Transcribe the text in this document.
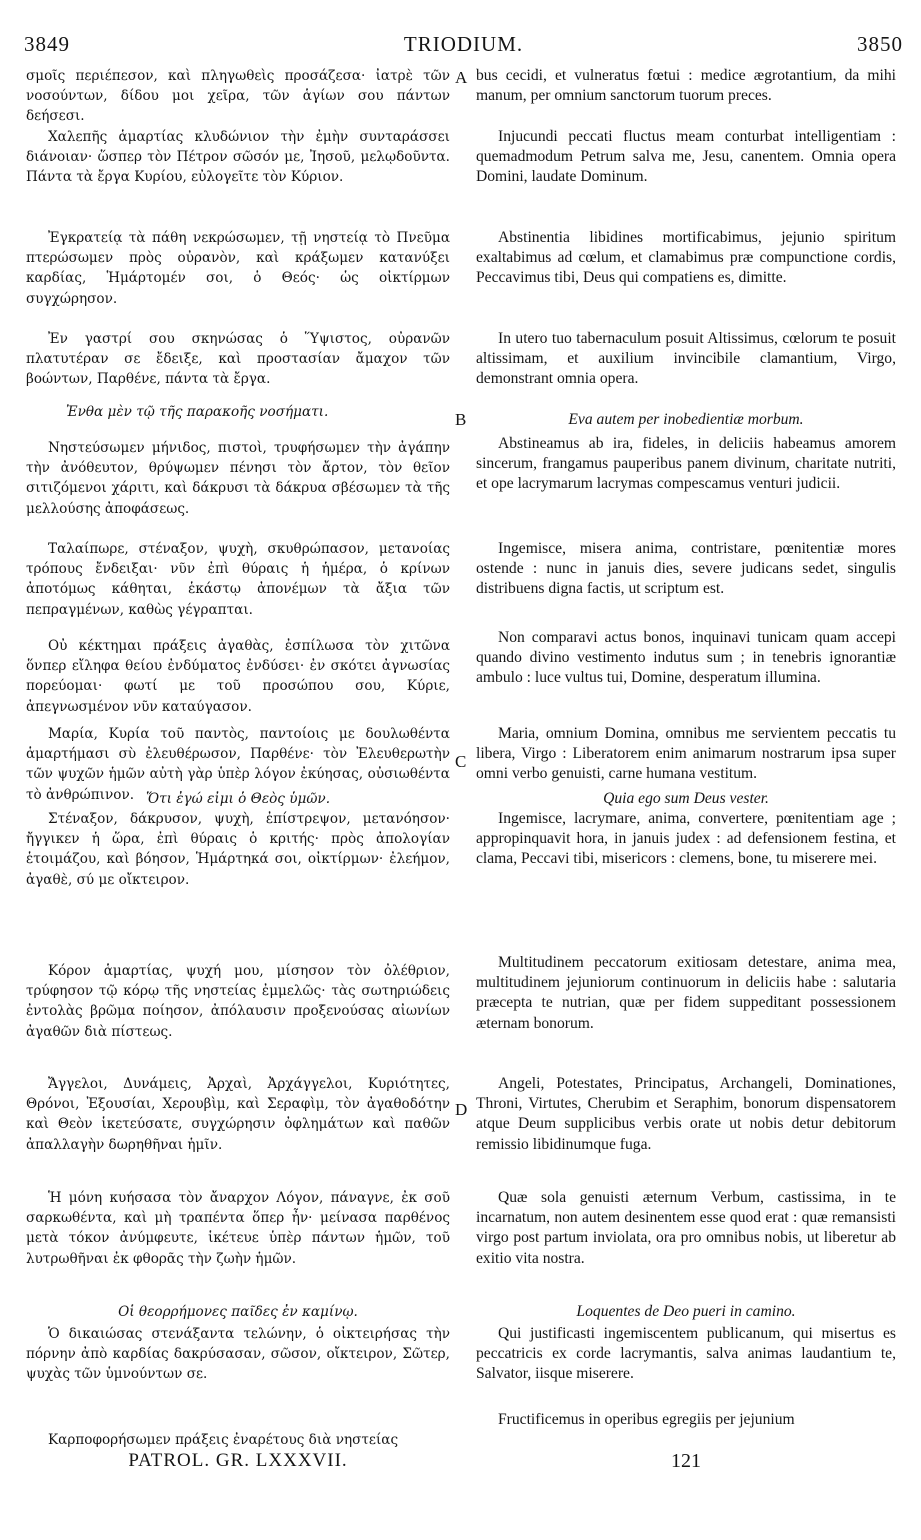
3849	TRIODIUM.	3850
A
B
C
D

σμοῖς περιέπεσον, καὶ πληγωθεὶς προσάζεσα· ἰατρὲ τῶν νοσούντων, δίδου μοι χεῖρα, τῶν ἁγίων σου πάντων δεήσεσι.

Χαλεπῆς ἁμαρτίας κλυδώνιον τὴν ἐμὴν συνταράσσει διάνοιαν· ὥσπερ τὸν Πέτρον σῶσόν με, Ἰησοῦ, μελῳδοῦντα. Πάντα τὰ ἔργα Κυρίου, εὐλογεῖτε τὸν Κύριον.

Ἐγκρατείᾳ τὰ πάθη νεκρώσωμεν, τῇ νηστείᾳ τὸ Πνεῦμα πτερώσωμεν πρὸς οὐρανὸν, καὶ κράξωμεν κατανύξει καρδίας, Ἡμάρτομέν σοι, ὁ Θεός· ὡς οἰκτίρμων συγχώρησον.

Ἐν γαστρί σου σκηνώσας ὁ Ὕψιστος, οὐρανῶν πλατυτέραν σε ἔδειξε, καὶ προστασίαν ἄμαχον τῶν βοώντων, Παρθένε, πάντα τὰ ἔργα.

Ἐνθα μὲν τῷ τῆς παρακοῆς νοσήματι.

Νηστεύσωμεν μήνιδος, πιστοὶ, τρυφήσωμεν τὴν ἀγάπην τὴν ἀνόθευτον, θρύψωμεν πένησι τὸν ἄρτον, τὸν θεῖον σιτιζόμενοι χάριτι, καὶ δάκρυσι τὰ δάκρυα σβέσωμεν τὰ τῆς μελλούσης ἀποφάσεως.

Ταλαίπωρε, στέναξον, ψυχὴ, σκυθρώπασον, μετανοίας τρόπους ἔνδειξαι· νῦν ἐπὶ θύραις ἡ ἡμέρα, ὁ κρίνων ἀποτόμως κάθηται, ἑκάστῳ ἀπονέμων τὰ ἄξια τῶν πεπραγμένων, καθὼς γέγραπται.

Οὐ κέκτημαι πράξεις ἀγαθὰς, ἐσπίλωσα τὸν χιτῶνα ὅνπερ εἴληφα θείου ἐνδύματος ἐνδύσει· ἐν σκότει ἀγνωσίας πορεύομαι· φωτί με τοῦ προσώπου σου, Κύριε, ἀπεγνωσμένον νῦν καταύγασον.

Μαρία, Κυρία τοῦ παντὸς, παντοίοις με δουλωθέντα ἁμαρτήμασι σὺ ἐλευθέρωσον, Παρθένε· τὸν Ἐλευθερωτὴν τῶν ψυχῶν ἡμῶν αὐτὴ γὰρ ὑπὲρ λόγον ἐκύησας, οὐσιωθέντα τὸ ἀνθρώπινον. Ὅτι ἐγώ εἰμι ὁ Θεὸς ὑμῶν.

Στέναξον, δάκρυσον, ψυχὴ, ἐπίστρεψον, μετανόησον· ἤγγικεν ἡ ὥρα, ἐπὶ θύραις ὁ κριτής· πρὸς ἀπολογίαν ἑτοιμάζου, καὶ βόησον, Ἡμάρτηκά σοι, οἰκτίρμων· ἐλεήμον, ἀγαθὲ, σύ με οἴκτειρον.

Κόρον ἁμαρτίας, ψυχή μου, μίσησον τὸν ὀλέθριον, τρύφησον τῷ κόρῳ τῆς νηστείας ἐμμελῶς· τὰς σωτηριώδεις ἐντολὰς βρῶμα ποίησον, ἀπόλαυσιν προξενούσας αἰωνίων ἀγαθῶν διὰ πίστεως.

Ἄγγελοι, Δυνάμεις, Ἀρχαὶ, Ἀρχάγγελοι, Κυριότητες, Θρόνοι, Ἐξουσίαι, Χερουβὶμ, καὶ Σεραφὶμ, τὸν ἀγαθοδότην καὶ Θεὸν ἱκετεύσατε, συγχώρησιν ὀφλημάτων καὶ παθῶν ἀπαλλαγὴν δωρηθῆναι ἡμῖν.

Ἡ μόνη κυήσασα τὸν ἄναρχον Λόγον, πάναγνε, ἐκ σοῦ σαρκωθέντα, καὶ μὴ τραπέντα ὅπερ ἦν· μείνασα παρθένος μετὰ τόκον ἀνύμφευτε, ἱκέτευε ὑπὲρ πάντων ἡμῶν, τοῦ λυτρωθῆναι ἐκ φθορᾶς τὴν ζωὴν ἡμῶν.

Οἱ θεορρήμονες παῖδες ἐν καμίνῳ.

Ὁ δικαιώσας στενάξαντα τελώνην, ὁ οἰκτειρήσας τὴν πόρνην ἀπὸ καρδίας δακρύσασαν, σῶσον, οἴκτειρον, Σῶτερ, ψυχὰς τῶν ὑμνούντων σε.

Καρποφορήσωμεν πράξεις ἐναρέτους διὰ νηστείας

PATROL. GR. LXXXVII.

bus cecidi, et vulneratus fœtui : medice ægrotantium, da mihi manum, per omnium sanctorum tuorum preces.

Injucundi peccati fluctus meam conturbat intelligentiam : quemadmodum Petrum salva me, Jesu, canentem. Omnia opera Domini, laudate Dominum.

Abstinentia libidines mortificabimus, jejunio spiritum exaltabimus ad cœlum, et clamabimus præ compunctione cordis, Peccavimus tibi, Deus qui compatiens es, dimitte.

In utero tuo tabernaculum posuit Altissimus, cœlorum te posuit altissimam, et auxilium invincibile clamantium, Virgo, demonstrant omnia opera.

Eva autem per inobedientiæ morbum.

Abstineamus ab ira, fideles, in deliciis habeamus amorem sincerum, frangamus pauperibus panem divinum, charitate nutriti, et ope lacrymarum lacrymas compescamus venturi judicii.

Ingemisce, misera anima, contristare, pœnitentiæ mores ostende : nunc in januis dies, severe judicans sedet, singulis distribuens digna factis, ut scriptum est.

Non comparavi actus bonos, inquinavi tunicam quam accepi quando divino vestimento indutus sum ; in tenebris ignorantiæ ambulo : luce vultus tui, Domine, desperatum illumina.

Maria, omnium Domina, omnibus me servientem peccatis tu libera, Virgo : Liberatorem enim animarum nostrarum ipsa super omni verbo genuisti, carne humana vestitum.

Quia ego sum Deus vester.

Ingemisce, lacrymare, anima, convertere, pœnitentiam age ; appropinquavit hora, in januis judex : ad defensionem festina, et clama, Peccavi tibi, misericors : clemens, bone, tu miserere mei.

Multitudinem peccatorum exitiosam detestare, anima mea, multitudinem jejuniorum continuorum in deliciis habe : salutaria præcepta te nutrian, quæ per fidem suppeditant possessionem æternam bonorum.

Angeli, Potestates, Principatus, Archangeli, Dominationes, Throni, Virtutes, Cherubim et Seraphim, bonorum dispensatorem atque Deum supplicibus verbis orate ut nobis detur debitorum remissio libidinumque fuga.

Quæ sola genuisti æternum Verbum, castissima, in te incarnatum, non autem desinentem esse quod erat : quæ remansisti virgo post partum inviolata, ora pro omnibus nobis, ut liberetur ab exitio vita nostra.

Loquentes de Deo pueri in camino.

Qui justificasti ingemiscentem publicanum, qui misertus es peccatricis ex corde lacrymantis, salva animas laudantium te, Salvator, iisque miserere.

Fructificemus in operibus egregiis per jejunium

121
